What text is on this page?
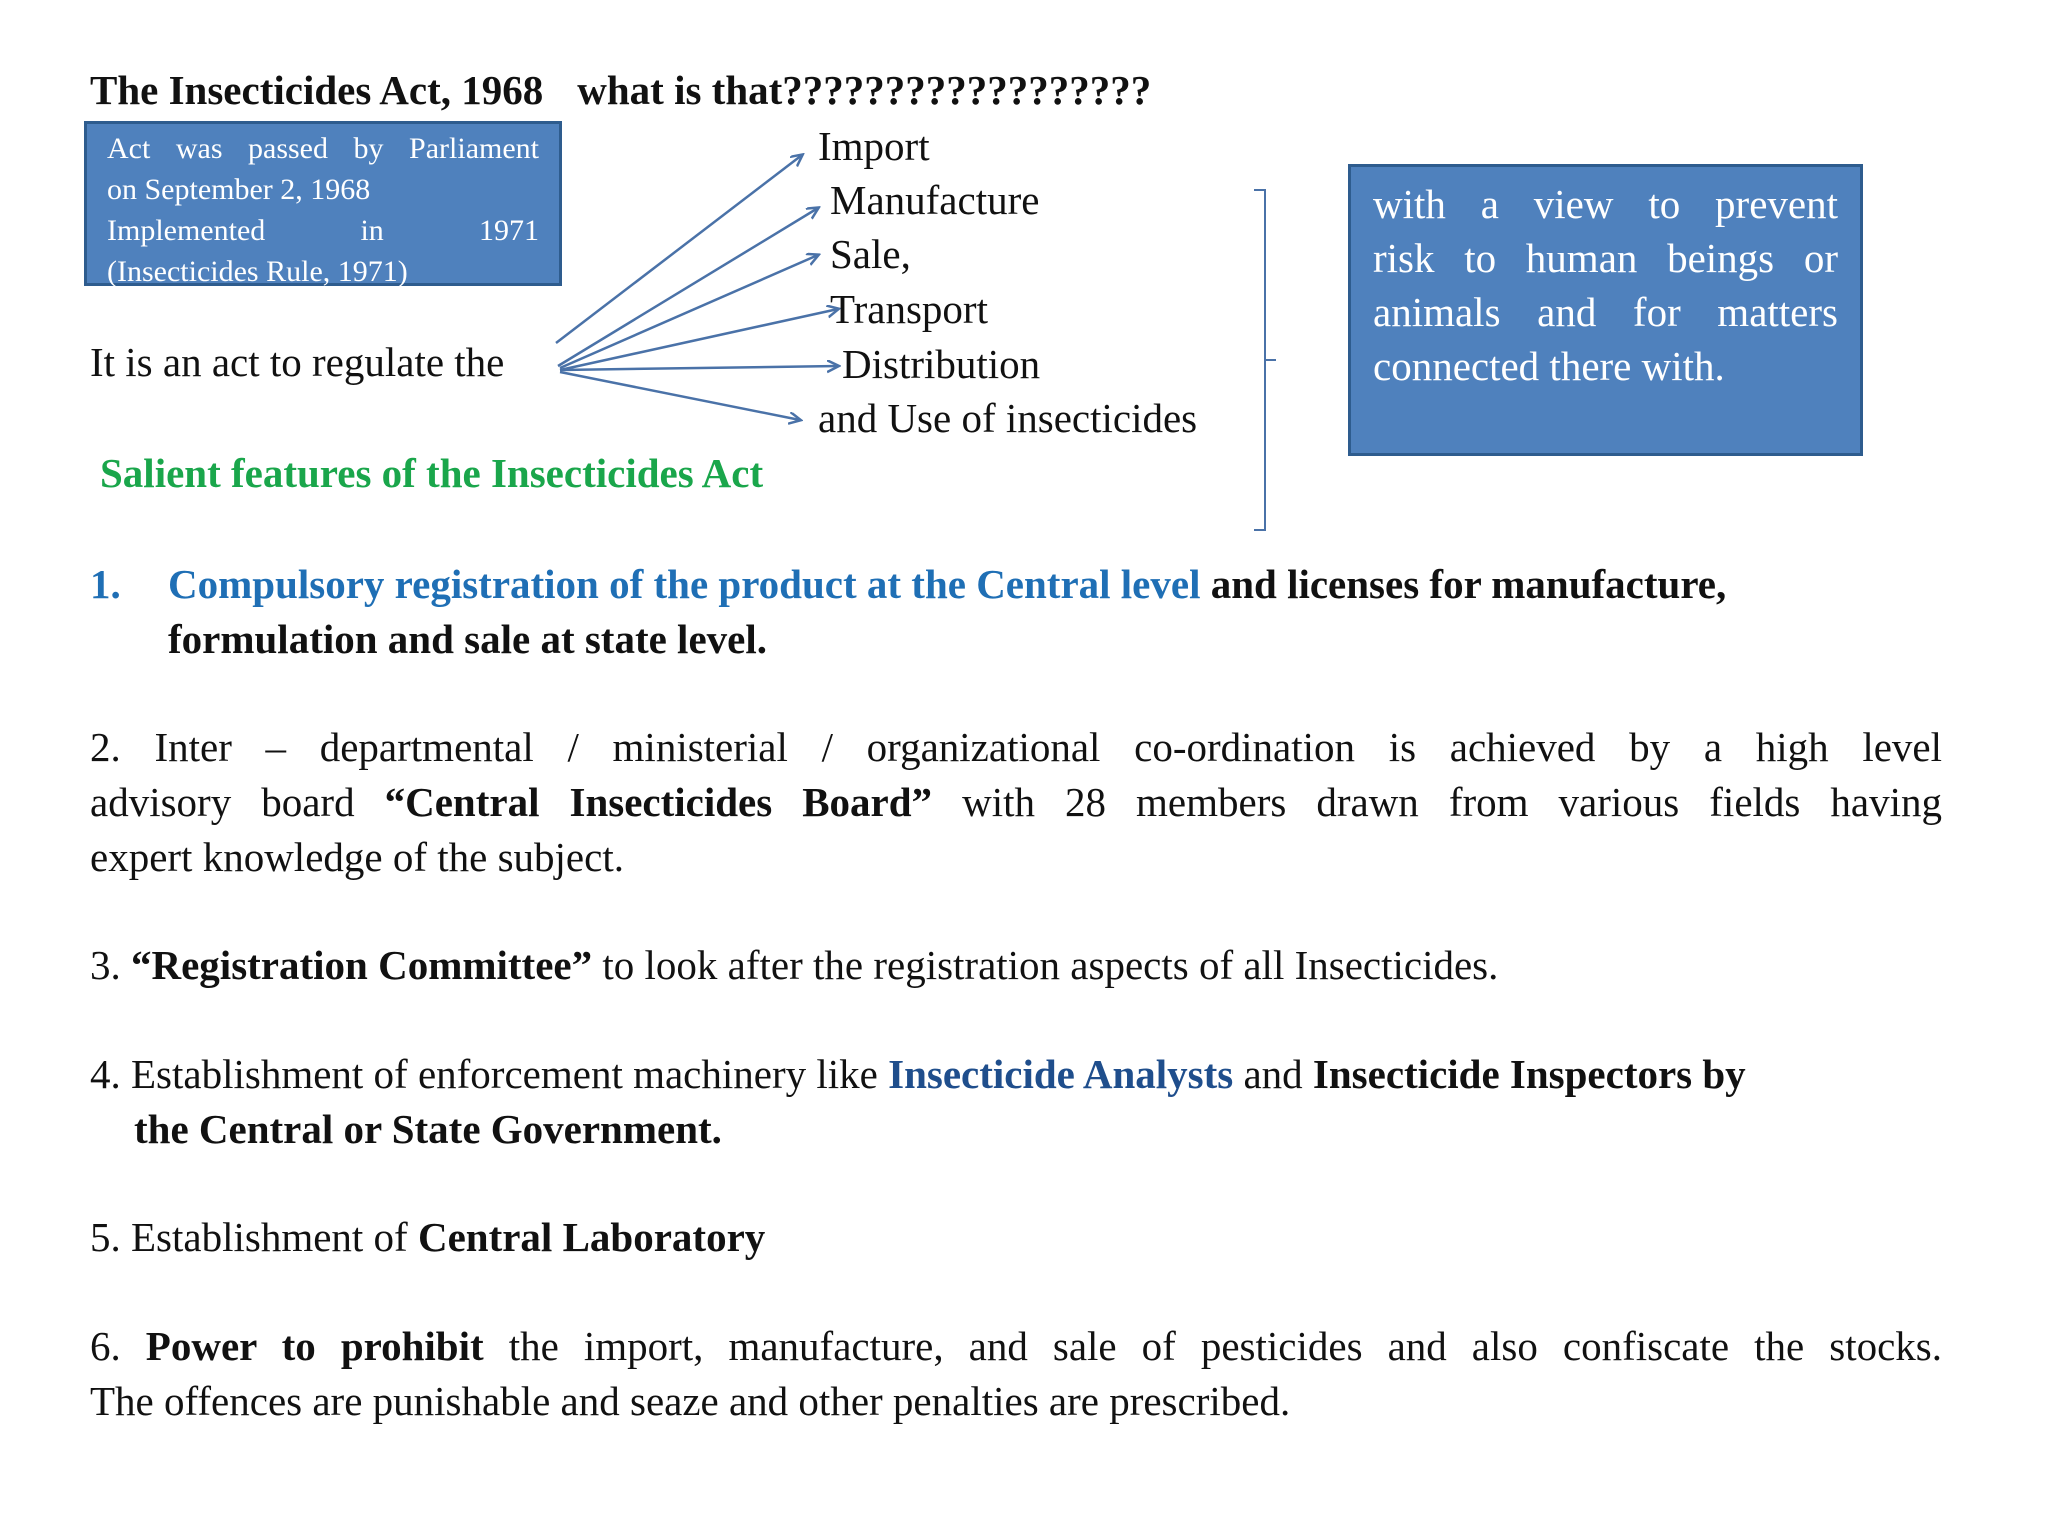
The Insecticides Act, 1968 what is that??????????????????
Act was passed by Parliament
on September 2, 1968
Implemented in 1971
(Insecticides Rule, 1971)
It is an act to regulate the
Import
Manufacture
Sale,
Transport
Distribution
and Use of insecticides
with a view to prevent
risk to human beings or
animals and for matters
connected there with.
Salient features of the Insecticides Act
1. Compulsory registration of the product at the Central level and licenses for manufacture,
formulation and sale at state level.
2. Inter – departmental / ministerial / organizational co-ordination is achieved by a high level
advisory board “Central Insecticides Board” with 28 members drawn from various fields having
expert knowledge of the subject.
3. “Registration Committee” to look after the registration aspects of all Insecticides.
4. Establishment of enforcement machinery like Insecticide Analysts and Insecticide Inspectors by
the Central or State Government.
5. Establishment of Central Laboratory
6. Power to prohibit the import, manufacture, and sale of pesticides and also confiscate the stocks.
The offences are punishable and seaze and other penalties are prescribed.
